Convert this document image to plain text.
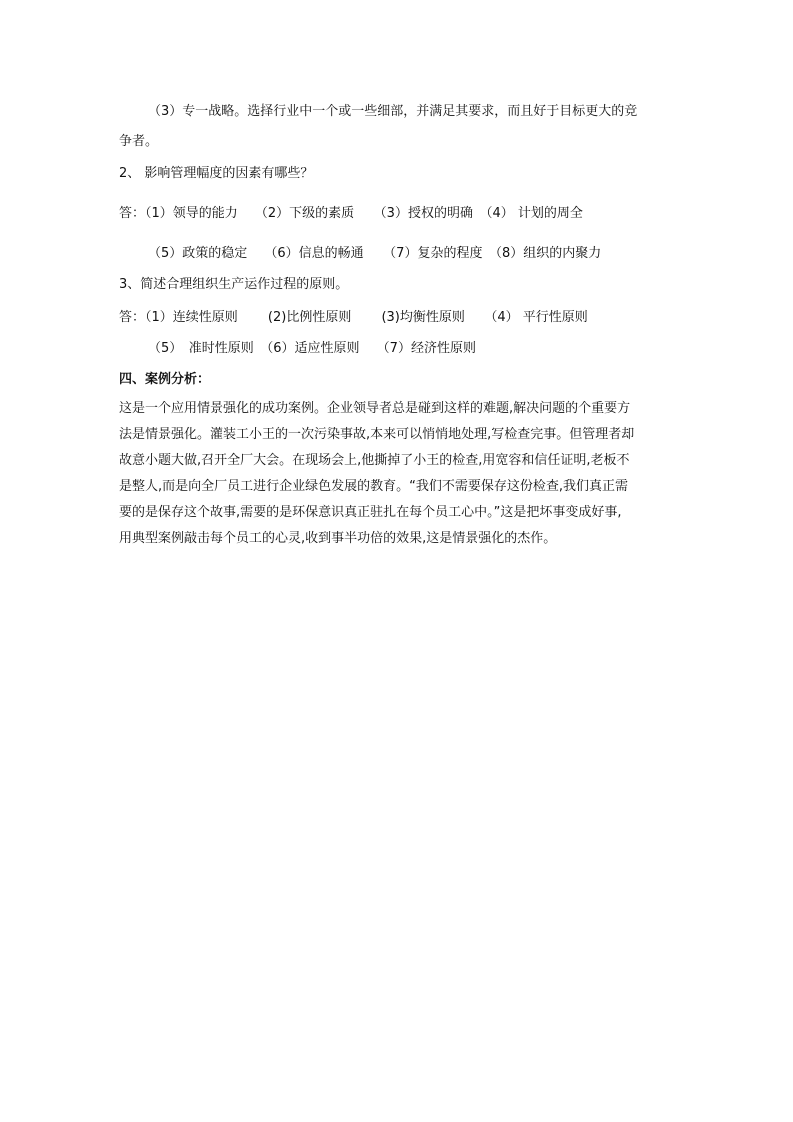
（3）专一战略。选择行业中一个或一些细部，并满足其要求，而且好于目标更大的竞
争者。
2、 影响管理幅度的因素有哪些？
答：（1）领导的能力　 （2）下级的素质　　（3）授权的明确　（4） 计划的周全
（5）政策的稳定　 （6）信息的畅通　　（7）复杂的程度　（8）组织的内聚力
3、简述合理组织生产运作过程的原则。
答：（1）连续性原则　　 (2)比例性原则　　 (3)均衡性原则　　（4） 平行性原则
（5）　准时性原则　（6）适应性原则　 （7）经济性原则
四、案例分析：
这是一个应用情景强化的成功案例。企业领导者总是碰到这样的难题,解决问题的个重要方
法是情景强化。灌装工小王的一次污染事故,本来可以悄悄地处理,写检查完事。但管理者却
故意小题大做,召开全厂大会。在现场会上,他撕掉了小王的检查,用宽容和信任证明,老板不
是整人,而是向全厂员工进行企业绿色发展的教育。“我们不需要保存这份检查,我们真正需
要的是保存这个故事,需要的是环保意识真正驻扎在每个员工心中。”这是把坏事变成好事,
用典型案例敲击每个员工的心灵,收到事半功倍的效果,这是情景强化的杰作。
